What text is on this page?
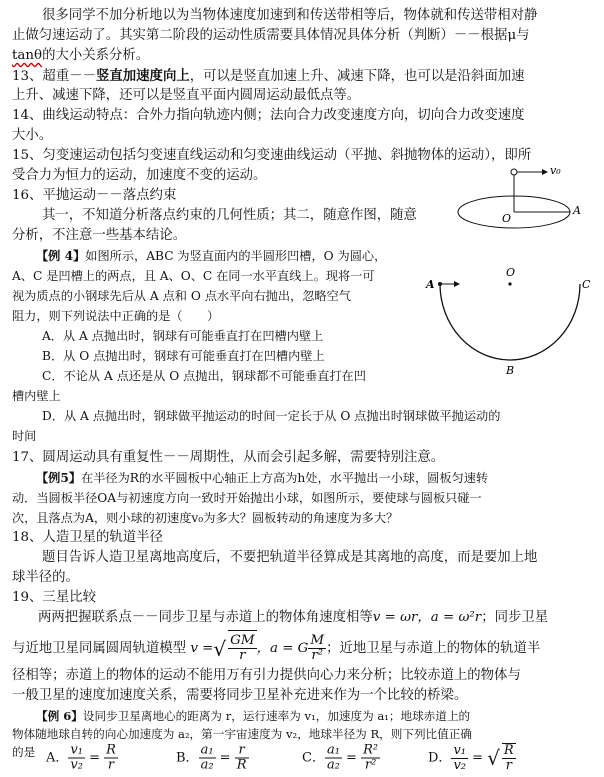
很多同学不加分析地以为当物体速度加速到和传送带相等后，物体就和传送带相对静
止做匀速运动了。其实第二阶段的运动性质需要具体情况具体分析（判断）－－根据μ与
tanθ的大小关系分析。
13、超重－－竖直加速度向上，可以是竖直加速上升、减速下降，也可以是沿斜面加速
上升、减速下降，还可以是竖直平面内圆周运动最低点等。
14、曲线运动特点：合外力指向轨迹内侧；法向合力改变速度方向，切向合力改变速度
大小。
15、匀变速运动包括匀变速直线运动和匀变速曲线运动（平抛、斜抛物体的运动），即所
受合力为恒力的运动，加速度不变的运动。
16、平抛运动－－落点约束
其一，不知道分析落点约束的几何性质；其二，随意作图，随意
分析，不注意一些基本结论。
v₀
O
A
【例 4】如图所示，ABC 为竖直面内的半圆形凹槽，O 为圆心，
A、C 是凹槽上的两点，且 A、O、C 在同一水平直线上。现将一可
视为质点的小钢球先后从 A 点和 O 点水平向右抛出，忽略空气
阻力，则下列说法中正确的是（　　）
A．从 A 点抛出时，钢球有可能垂直打在凹槽内壁上
B．从 O 点抛出时，钢球有可能垂直打在凹槽内壁上
C．不论从 A 点还是从 O 点抛出，钢球都不可能垂直打在凹
槽内壁上
D．从 A 点抛出时，钢球做平抛运动的时间一定长于从 O 点抛出时钢球做平抛运动的
时间
A
O
C
B
17、圆周运动具有重复性－－周期性，从而会引起多解，需要特别注意。
【例5】在半径为R的水平圆板中心轴正上方高为h处，水平抛出一小球，圆板匀速转
动．当圆板半径OA与初速度方向一致时开始抛出小球，如图所示，要使球与圆板只碰一
次，且落点为A，则小球的初速度v₀为多大？圆板转动的角速度为多大？
18、人造卫星的轨道半径
题目告诉人造卫星离地高度后，不要把轨道半径算成是其离地的高度，而是要加上地
球半径的。
19、三星比较
两两把握联系点－－同步卫星与赤道上的物体角速度相等v = ωr，a = ω²r；同步卫星
与近地卫星同属圆周轨道模型 v =√ $\frac{GM}{r}$ ，a = G $\frac{M}{\text{r²}}$ ；近地卫星与赤道上的物体的轨道半
径相等；赤道上的物体的运动不能用万有引力提供向心力来分析；比较赤道上的物体与
一般卫星的速度加速度关系，需要将同步卫星补充进来作为一个比较的桥梁。
【例 6】设同步卫星离地心的距离为 r，运行速率为 v₁，加速度为 a₁；地球赤道上的
物体随地球自转的向心加速度为 a₂，第一宇宙速度为 v₂，地球半径为 R，则下列比值正确
的是 A． $\frac{\text{v₁}}{\text{v₂}} = \frac{R}{r}$	B． $\frac{\text{a₁}}{\text{a₂}} = \frac{r}{R}$	C． $\frac{\text{a₁}}{\text{a₂}} = \frac{\text{R²}}{\text{r²}}$	D． $\frac{\text{v₁}}{\text{v₂}}$ = √ $\frac{R}{r}$
